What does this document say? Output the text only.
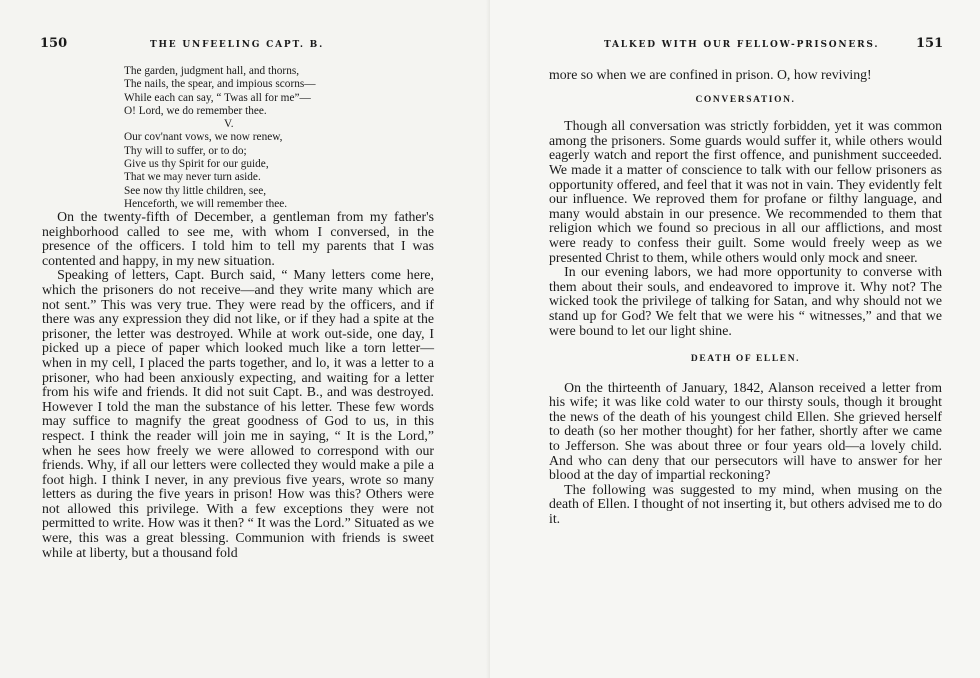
150	THE UNFEELING CAPT. B.
The garden, judgment hall, and thorns,
The nails, the spear, and impious scorns—
While each can say, “ Twas all for me”—
O! Lord, we do remember thee.
V.
Our cov'nant vows, we now renew,
Thy will to suffer, or to do;
Give us thy Spirit for our guide,
That we may never turn aside.
See now thy little children, see,
Henceforth, we will remember thee.

On the twenty-fifth of December, a gentleman from my father's neighborhood called to see me, with whom I conversed, in the presence of the officers. I told him to tell my parents that I was contented and happy, in my new situation.

Speaking of letters, Capt. Burch said, “ Many letters come here, which the prisoners do not receive—and they write many which are not sent.” This was very true. They were read by the officers, and if there was any expression they did not like, or if they had a spite at the prisoner, the letter was destroyed. While at work out-side, one day, I picked up a piece of paper which looked much like a torn letter—when in my cell, I placed the parts together, and lo, it was a letter to a prisoner, who had been anxiously expecting, and waiting for a letter from his wife and friends. It did not suit Capt. B., and was destroyed. However I told the man the substance of his letter. These few words may suffice to magnify the great goodness of God to us, in this respect. I think the reader will join me in saying, “ It is the Lord,” when he sees how freely we were allowed to correspond with our friends. Why, if all our letters were collected they would make a pile a foot high. I think I never, in any previous five years, wrote so many letters as during the five years in prison! How was this? Others were not allowed this privilege. With a few exceptions they were not permitted to write. How was it then? “ It was the Lord.” Situated as we were, this was a great blessing. Communion with friends is sweet while at liberty, but a thousand fold

TALKED WITH OUR FELLOW-PRISONERS.	151

more so when we are confined in prison. O, how reviving!

CONVERSATION.

Though all conversation was strictly forbidden, yet it was common among the prisoners. Some guards would suffer it, while others would eagerly watch and report the first offence, and punishment succeeded. We made it a matter of conscience to talk with our fellow prisoners as opportunity offered, and feel that it was not in vain. They evidently felt our influence. We reproved them for profane or filthy language, and many would abstain in our presence. We recommended to them that religion which we found so precious in all our afflictions, and most were ready to confess their guilt. Some would freely weep as we presented Christ to them, while others would only mock and sneer.

In our evening labors, we had more opportunity to converse with them about their souls, and endeavored to improve it. Why not? The wicked took the privilege of talking for Satan, and why should not we stand up for God? We felt that we were his “ witnesses,” and that we were bound to let our light shine.

DEATH OF ELLEN.

On the thirteenth of January, 1842, Alanson received a letter from his wife; it was like cold water to our thirsty souls, though it brought the news of the death of his youngest child Ellen. She grieved herself to death (so her mother thought) for her father, shortly after we came to Jefferson. She was about three or four years old—a lovely child. And who can deny that our persecutors will have to answer for her blood at the day of impartial reckoning?

The following was suggested to my mind, when musing on the death of Ellen. I thought of not inserting it, but others advised me to do it.
